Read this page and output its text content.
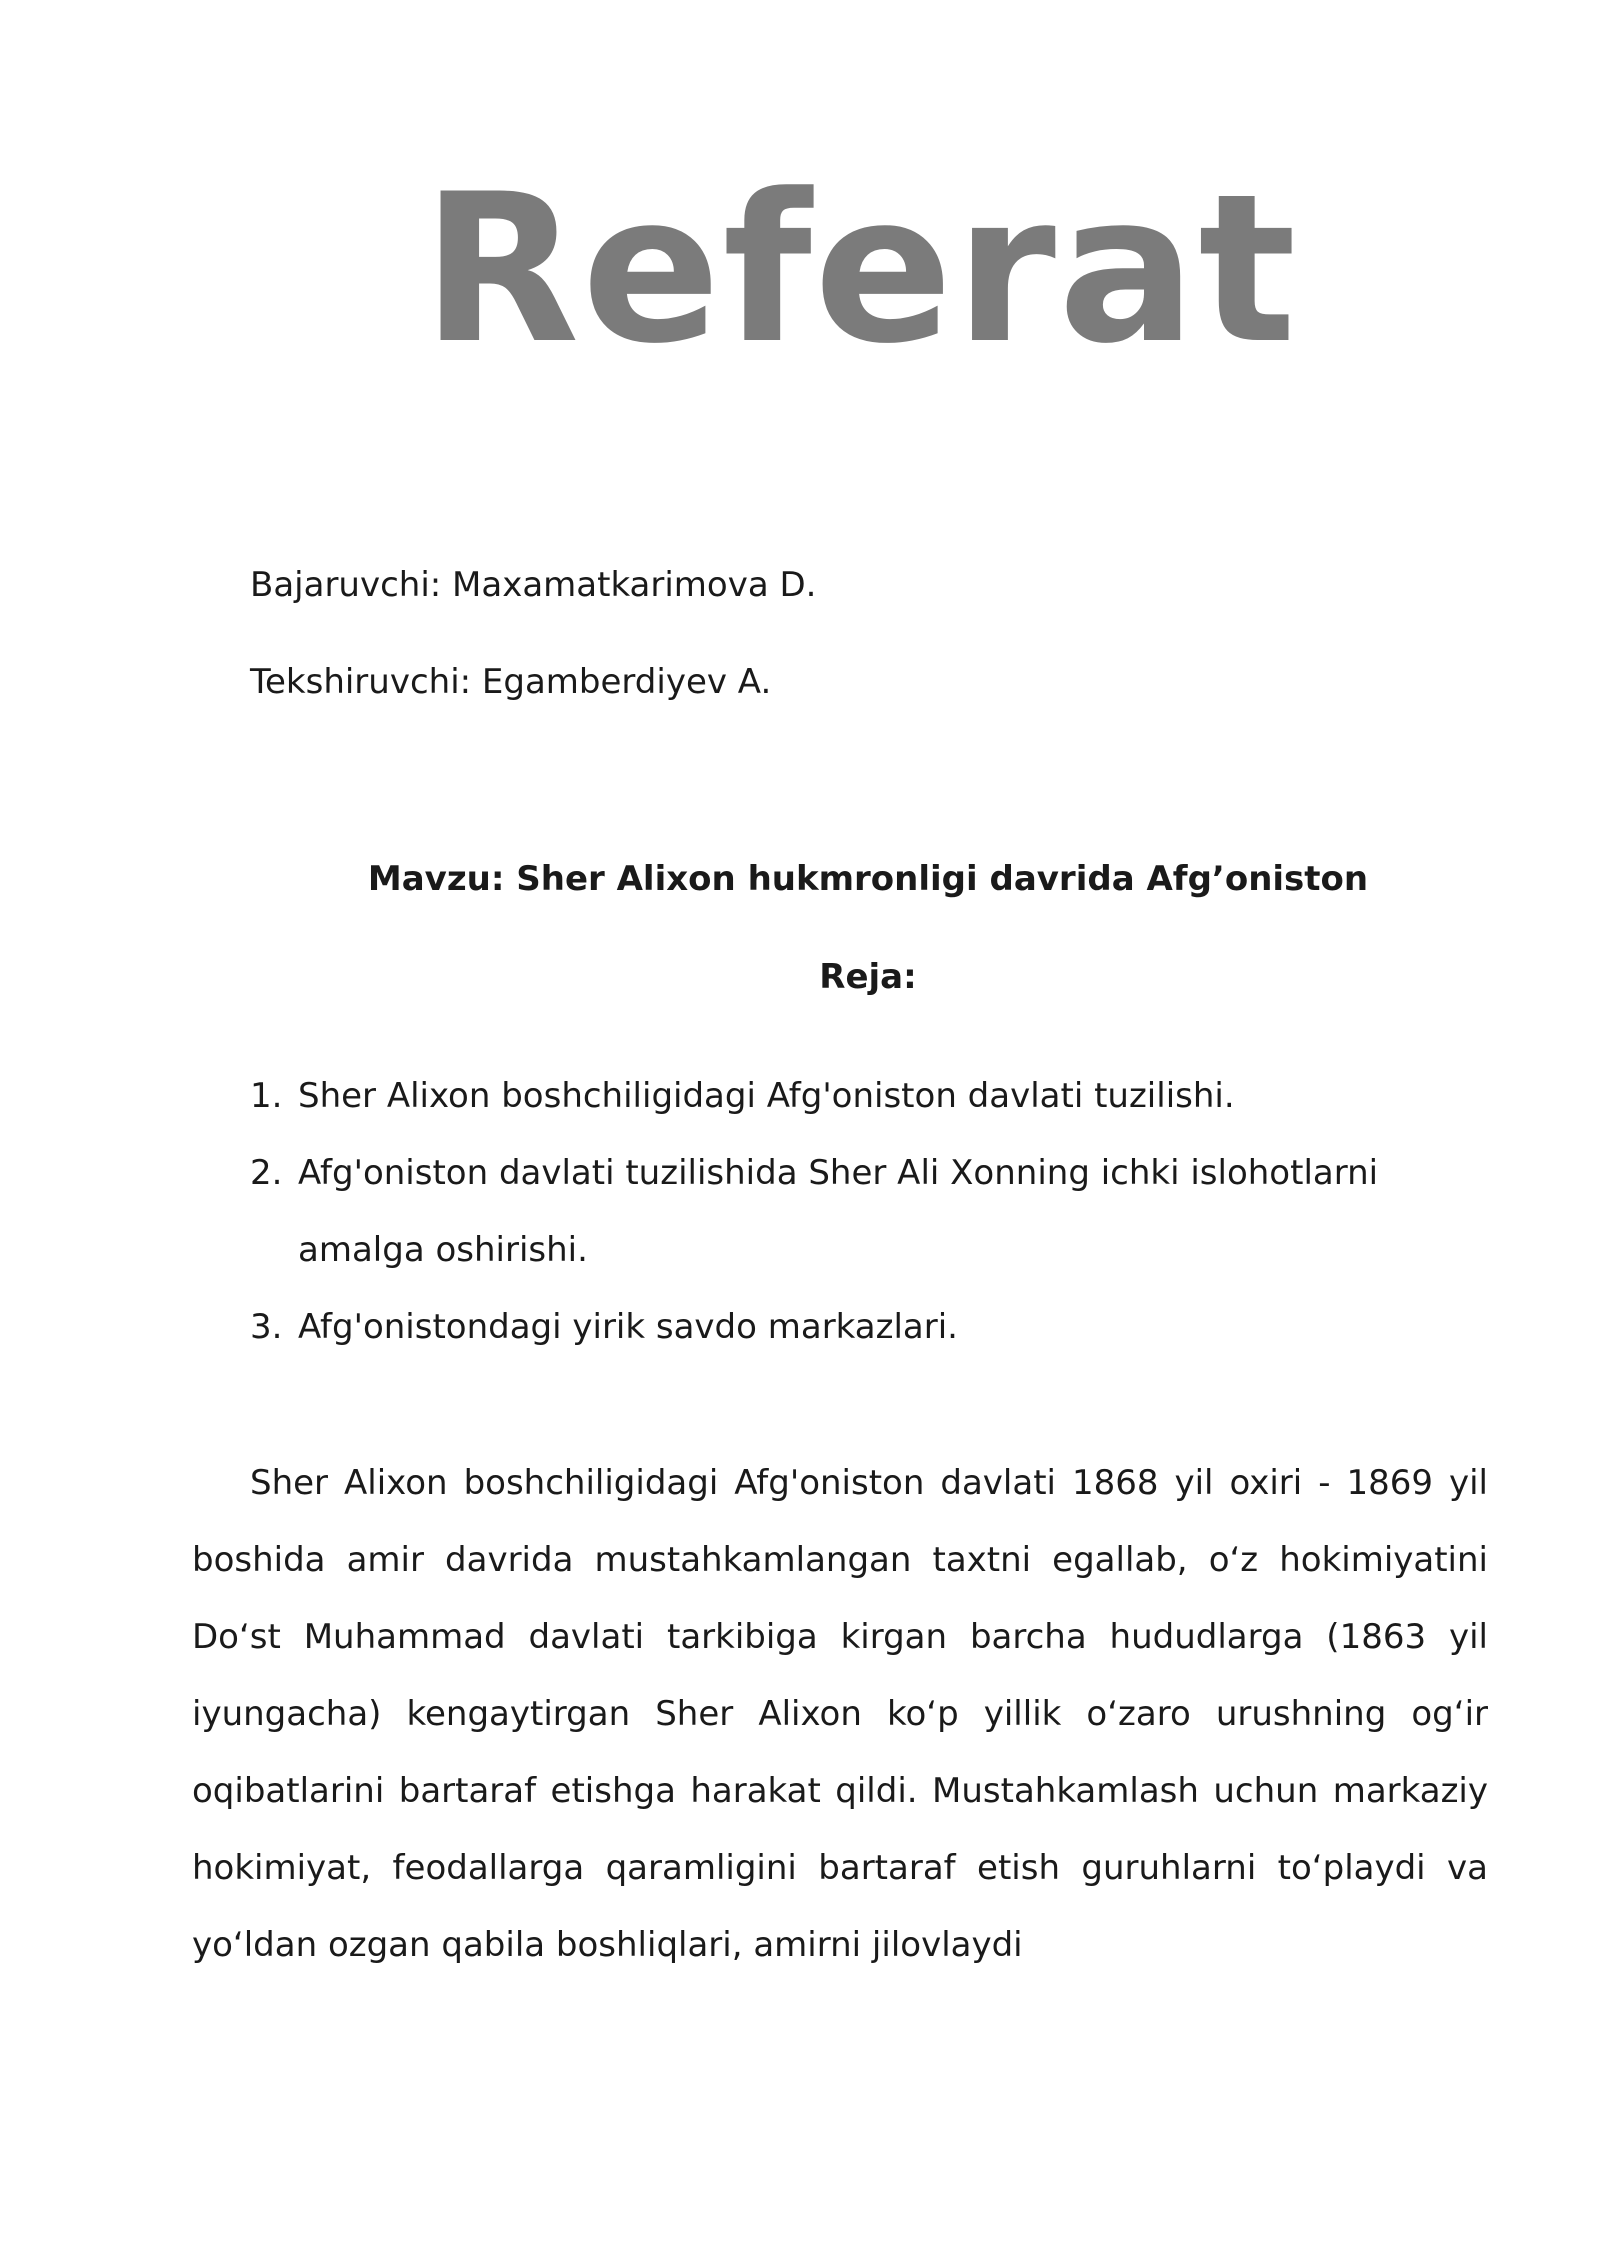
Referat
Bajaruvchi: Maxamatkarimova D.
Tekshiruvchi: Egamberdiyev A.
Mavzu: Sher Alixon hukmronligi davrida Afg’oniston
Reja:
1. Sher Alixon boshchiligidagi Afg'oniston davlati tuzilishi.
2. Afg'oniston davlati tuzilishida Sher Ali Xonning ichki islohotlarni amalga oshirishi.
3. Afg'onistondagi yirik savdo markazlari.

Sher Alixon boshchiligidagi Afg'oniston davlati 1868 yil oxiri - 1869 yil boshida amir davrida mustahkamlangan taxtni egallab, o‘z hokimiyatini Do‘st Muhammad davlati tarkibiga kirgan barcha hududlarga (1863 yil iyungacha) kengaytirgan Sher Alixon ko‘p yillik o‘zaro urushning og‘ir oqibatlarini bartaraf etishga harakat qildi. Mustahkamlash uchun markaziy hokimiyat, feodallarga qaramligini bartaraf etish guruhlarni to‘playdi va yo‘ldan ozgan qabila boshliqlari, amirni jilovlaydi
